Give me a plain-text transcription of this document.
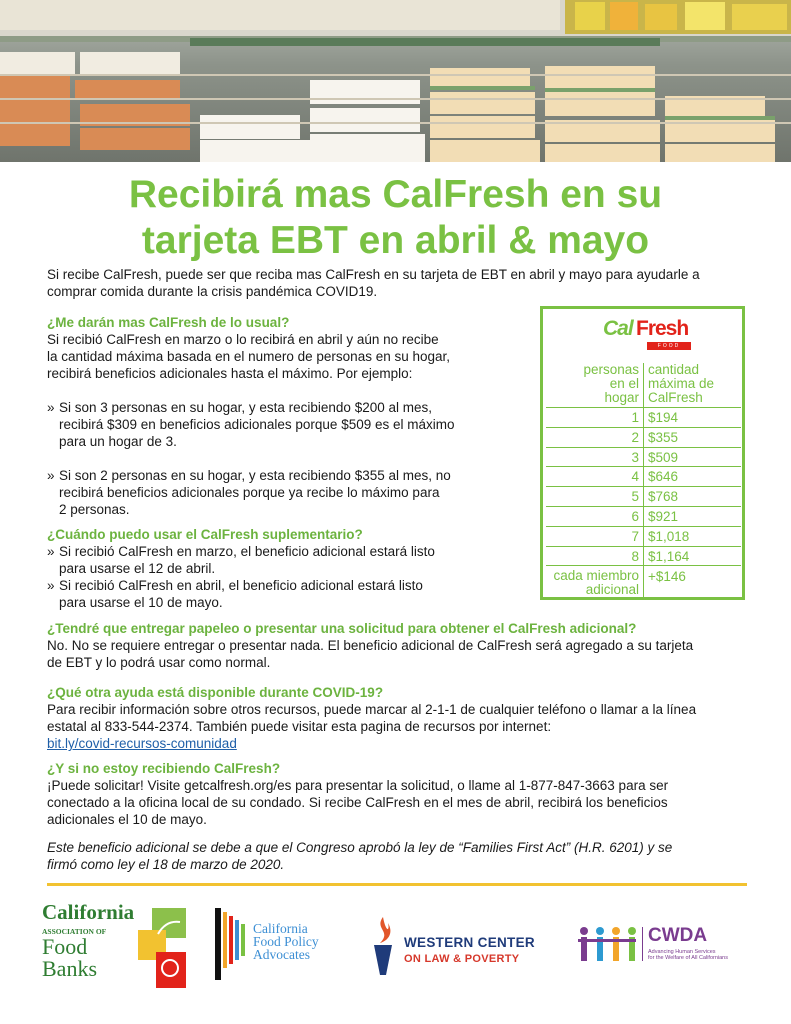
Recibirá mas CalFresh en su
tarjeta EBT en abril & mayo
Si recibe CalFresh, puede ser que reciba mas CalFresh en su tarjeta de EBT en abril y mayo para ayudarle a
comprar comida durante la crisis pandémica COVID19.
¿Me darán mas CalFresh de lo usual?
Si recibió CalFresh en marzo o lo recibirá en abril y aún no recibe
la cantidad máxima basada en el numero de personas en su hogar,
recibirá beneficios adicionales hasta el máximo. Por ejemplo:
» Si son 3 personas en su hogar, y esta recibiendo $200 al mes,
recibirá $309 en beneficios adicionales porque $509 es el máximo
para un hogar de 3.
» Si son 2 personas en su hogar, y esta recibiendo $355 al mes, no
recibirá beneficios adicionales porque ya recibe lo máximo para
2 personas.
¿Cuándo puedo usar el CalFresh suplementario?
» Si recibió CalFresh en marzo, el beneficio adicional estará listo
para usarse el 12 de abril.
» Si recibió CalFresh en abril, el beneficio adicional estará listo
para usarse el 10 de mayo.
Cal Fresh
FOOD
personas
en el
hogar
cantidad
máxima de
CalFresh
1 $194
2 $355
3 $509
4 $646
5 $768
6 $921
7 $1,018
8 $1,164
cada miembro
adicional
+$146
¿Tendré que entregar papeleo o presentar una solicitud para obtener el CalFresh adicional?
No. No se requiere entregar o presentar nada. El beneficio adicional de CalFresh será agregado a su tarjeta
de EBT y lo podrá usar como normal.
¿Qué otra ayuda está disponible durante COVID-19?
Para recibir información sobre otros recursos, puede marcar al 2-1-1 de cualquier teléfono o llamar a la línea
estatal al 833-544-2374. También puede visitar esta pagina de recursos por internet:
bit.ly/covid-recursos-comunidad
¿Y si no estoy recibiendo CalFresh?
¡Puede solicitar! Visite getcalfresh.org/es para presentar la solicitud, o llame al 1-877-847-3663 para ser
conectado a la oficina local de su condado. Si recibe CalFresh en el mes de abril, recibirá los beneficios
adicionales el 10 de mayo.
Este beneficio adicional se debe a que el Congreso aprobó la ley de “Families First Act” (H.R. 6201) y se
firmó como ley el 18 de marzo de 2020.
California
ASSOCIATION OF
Food
Banks
California
Food Policy
Advocates
WESTERN CENTER
ON LAW & POVERTY
CWDA
Advancing Human Services
for the Welfare of All Californians
